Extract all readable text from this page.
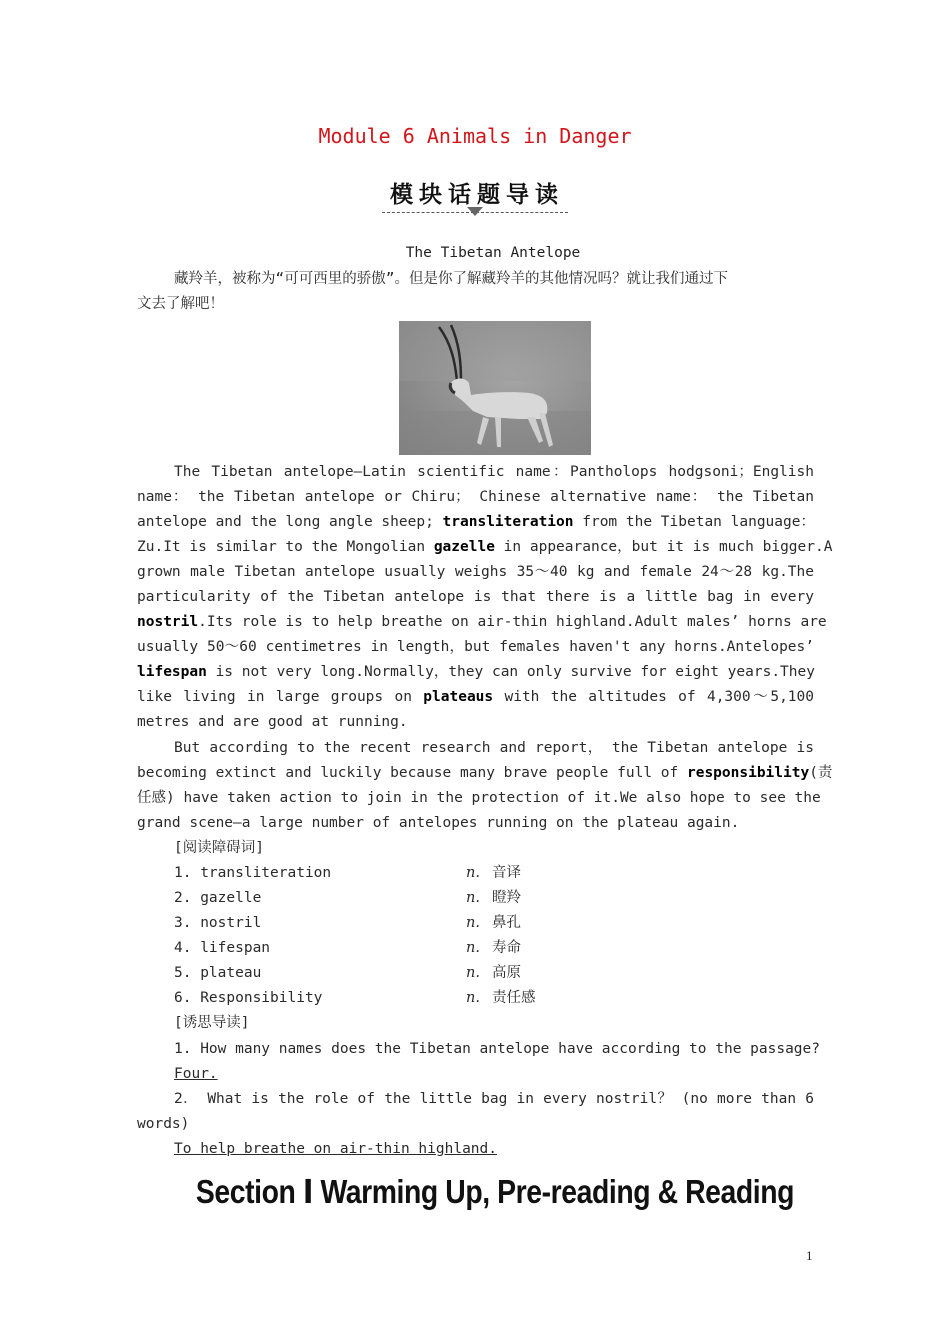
Module 6 Animals in Danger
模块话题导读
The Tibetan Antelope
藏羚羊，被称为“可可西里的骄傲”。但是你了解藏羚羊的其他情况吗？就让我们通过下
文去了解吧！
The Tibetan antelope—Latin scientific name：Pantholops hodgsoni；English
name： the Tibetan antelope or Chiru； Chinese alternative name： the Tibetan
antelope and the long angle sheep; transliteration from the Tibetan language：
Zu.It is similar to the Mongolian gazelle in appearance，but it is much bigger.A
grown male Tibetan antelope usually weighs 35～40 kg and female 24～28 kg.The
particularity of the Tibetan antelope is that there is a little bag in every
nostril.Its role is to help breathe on air-thin highland.Adult males’ horns are
usually 50～60 centimetres in length，but females haven't any horns.Antelopes’
lifespan is not very long.Normally，they can only survive for eight years.They
like living in large groups on plateaus with the altitudes of 4,300～5,100
metres and are good at running.
But according to the recent research and report， the Tibetan antelope is
becoming extinct and luckily because many brave people full of responsibility(责
任感) have taken action to join in the protection of it.We also hope to see the
grand scene—a large number of antelopes running on the plateau again.
[阅读障碍词]
1. transliteration	n. 音译
2. gazelle	n. 瞪羚
3. nostril	n. 鼻孔
4. lifespan	n. 寿命
5. plateau	n. 高原
6. Responsibility	n. 责任感
[诱思导读]
1. How many names does the Tibetan antelope have according to the passage?
Four.
2． What is the role of the little bag in every nostril？ (no more than 6
words)
To help breathe on air-thin highland.
Section Ⅰ Warming Up, Pre-reading & Reading
1
